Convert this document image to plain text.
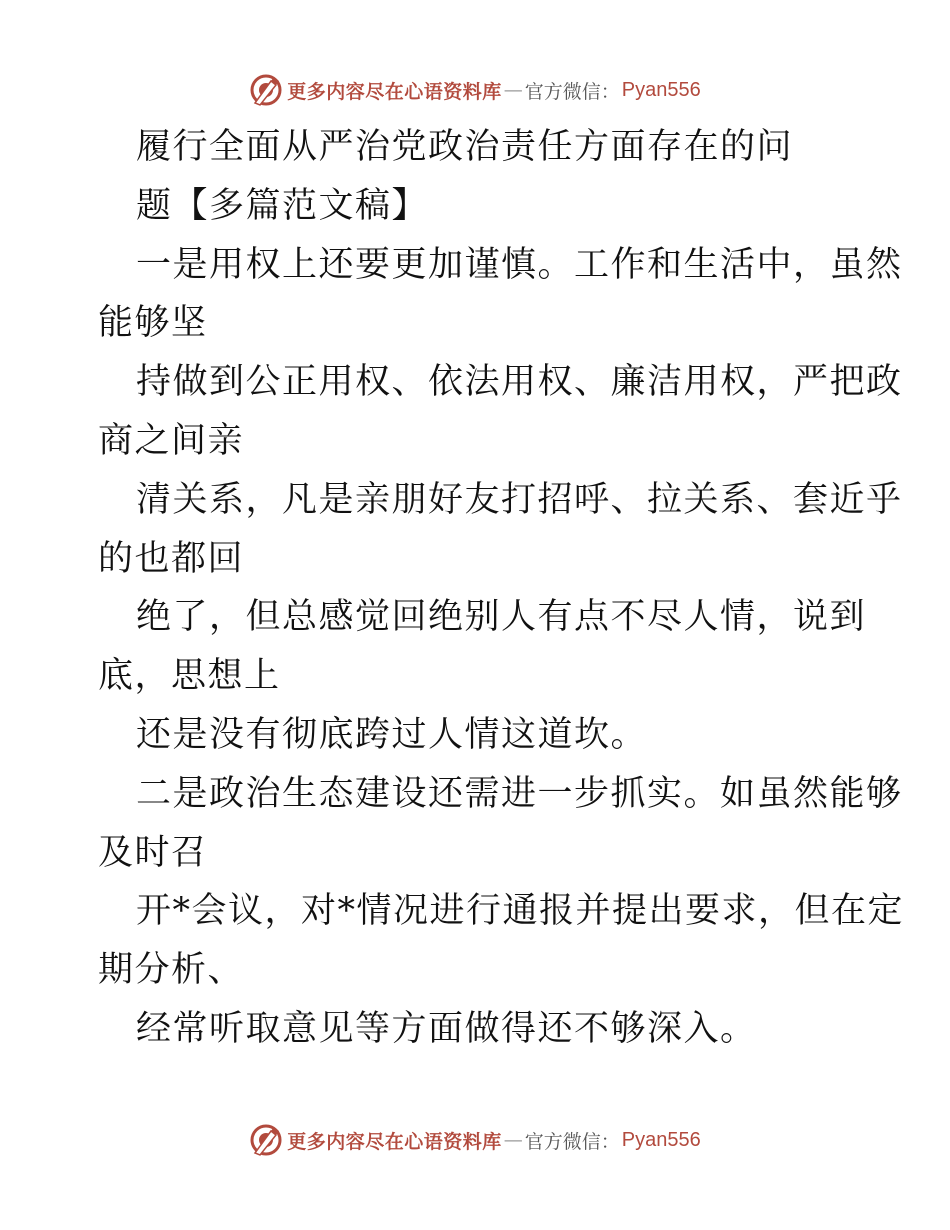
更多内容尽在心语资料库 — 官方微信： Pyan556
履行全面从严治党政治责任方面存在的问
题【多篇范文稿】
一是用权上还要更加谨慎。工作和生活中，虽然
能够坚
持做到公正用权、依法用权、廉洁用权，严把政
商之间亲
清关系，凡是亲朋好友打招呼、拉关系、套近乎
的也都回
绝了，但总感觉回绝别人有点不尽人情，说到
底，思想上
还是没有彻底跨过人情这道坎。
二是政治生态建设还需进一步抓实。如虽然能够
及时召
开*会议，对*情况进行通报并提出要求，但在定
期分析、
经常听取意见等方面做得还不够深入。
更多内容尽在心语资料库 — 官方微信： Pyan556
